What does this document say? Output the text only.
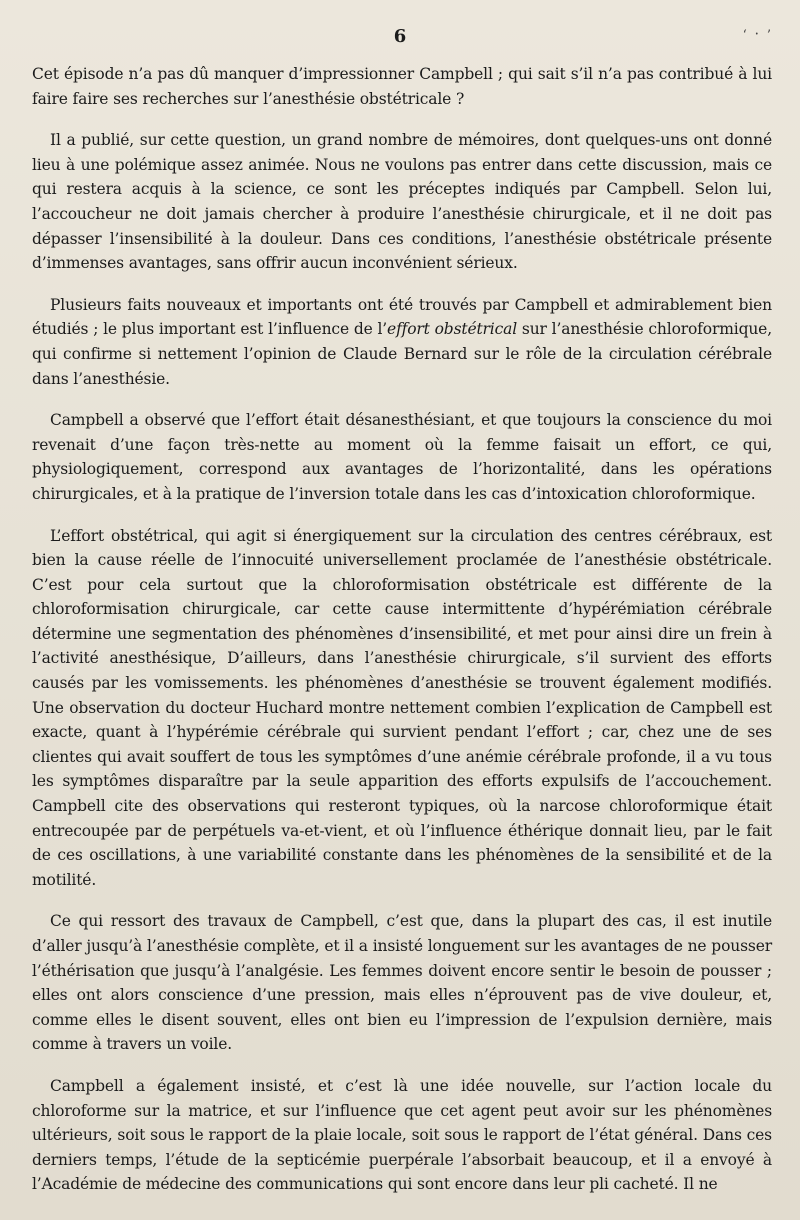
6	‘ ᛫ ’

Cet épisode n’a pas dû manquer d’impressionner Campbell ; qui sait s’il n’a pas contribué à lui faire faire ses recherches sur l’anesthésie obstétricale ?

Il a publié, sur cette question, un grand nombre de mémoires, dont quelques-uns ont donné lieu à une polémique assez animée. Nous ne voulons pas entrer dans cette discussion, mais ce qui restera acquis à la science, ce sont les préceptes indiqués par Campbell. Selon lui, l’accoucheur ne doit jamais chercher à produire l’anesthésie chirurgicale, et il ne doit pas dépasser l’insensibilité à la douleur. Dans ces conditions, l’anesthésie obstétricale présente d’immenses avantages, sans offrir aucun inconvénient sérieux.

Plusieurs faits nouveaux et importants ont été trouvés par Campbell et admirablement bien étudiés ; le plus important est l’influence de l’effort obstétrical sur l’anesthésie chloroformique, qui confirme si nettement l’opinion de Claude Bernard sur le rôle de la circulation cérébrale dans l’anesthésie.

Campbell a observé que l’effort était désanesthésiant, et que toujours la conscience du moi revenait d’une façon très-nette au moment où la femme faisait un effort, ce qui, physiologiquement, correspond aux avantages de l’horizontalité, dans les opérations chirurgicales, et à la pratique de l’inversion totale dans les cas d’intoxication chloroformique.

L’effort obstétrical, qui agit si énergiquement sur la circulation des centres cérébraux, est bien la cause réelle de l’innocuité universellement proclamée de l’anesthésie obstétricale. C’est pour cela surtout que la chloroformisation obstétricale est différente de la chloroformisation chirurgicale, car cette cause intermittente d’hypérémiation cérébrale détermine une segmentation des phénomènes d’insensibilité, et met pour ainsi dire un frein à l’activité anesthésique, D’ailleurs, dans l’anesthésie chirurgicale, s’il survient des efforts causés par les vomissements. les phénomènes d’anesthésie se trouvent également modifiés. Une observation du docteur Huchard montre nettement combien l’explication de Campbell est exacte, quant à l’hypérémie cérébrale qui survient pendant l’effort ; car, chez une de ses clientes qui avait souffert de tous les symptômes d’une anémie cérébrale profonde, il a vu tous les symptômes disparaître par la seule apparition des efforts expulsifs de l’accouchement. Campbell cite des observations qui resteront typiques, où la narcose chloroformique était entrecoupée par de perpétuels va-et-vient, et où l’influence éthérique donnait lieu, par le fait de ces oscillations, à une variabilité constante dans les phénomènes de la sensibilité et de la motilité.

Ce qui ressort des travaux de Campbell, c’est que, dans la plupart des cas, il est inutile d’aller jusqu’à l’anesthésie complète, et il a insisté longuement sur les avantages de ne pousser l’éthérisation que jusqu’à l’analgésie. Les femmes doivent encore sentir le besoin de pousser ; elles ont alors conscience d’une pression, mais elles n’éprouvent pas de vive douleur, et, comme elles le disent souvent, elles ont bien eu l’impression de l’expulsion dernière, mais comme à travers un voile.

Campbell a également insisté, et c’est là une idée nouvelle, sur l’action locale du chloroforme sur la matrice, et sur l’influence que cet agent peut avoir sur les phénomènes ultérieurs, soit sous le rapport de la plaie locale, soit sous le rapport de l’état général. Dans ces derniers temps, l’étude de la septicémie puerpérale l’absorbait beaucoup, et il a envoyé à l’Académie de médecine des communications qui sont encore dans leur pli cacheté. Il ne
